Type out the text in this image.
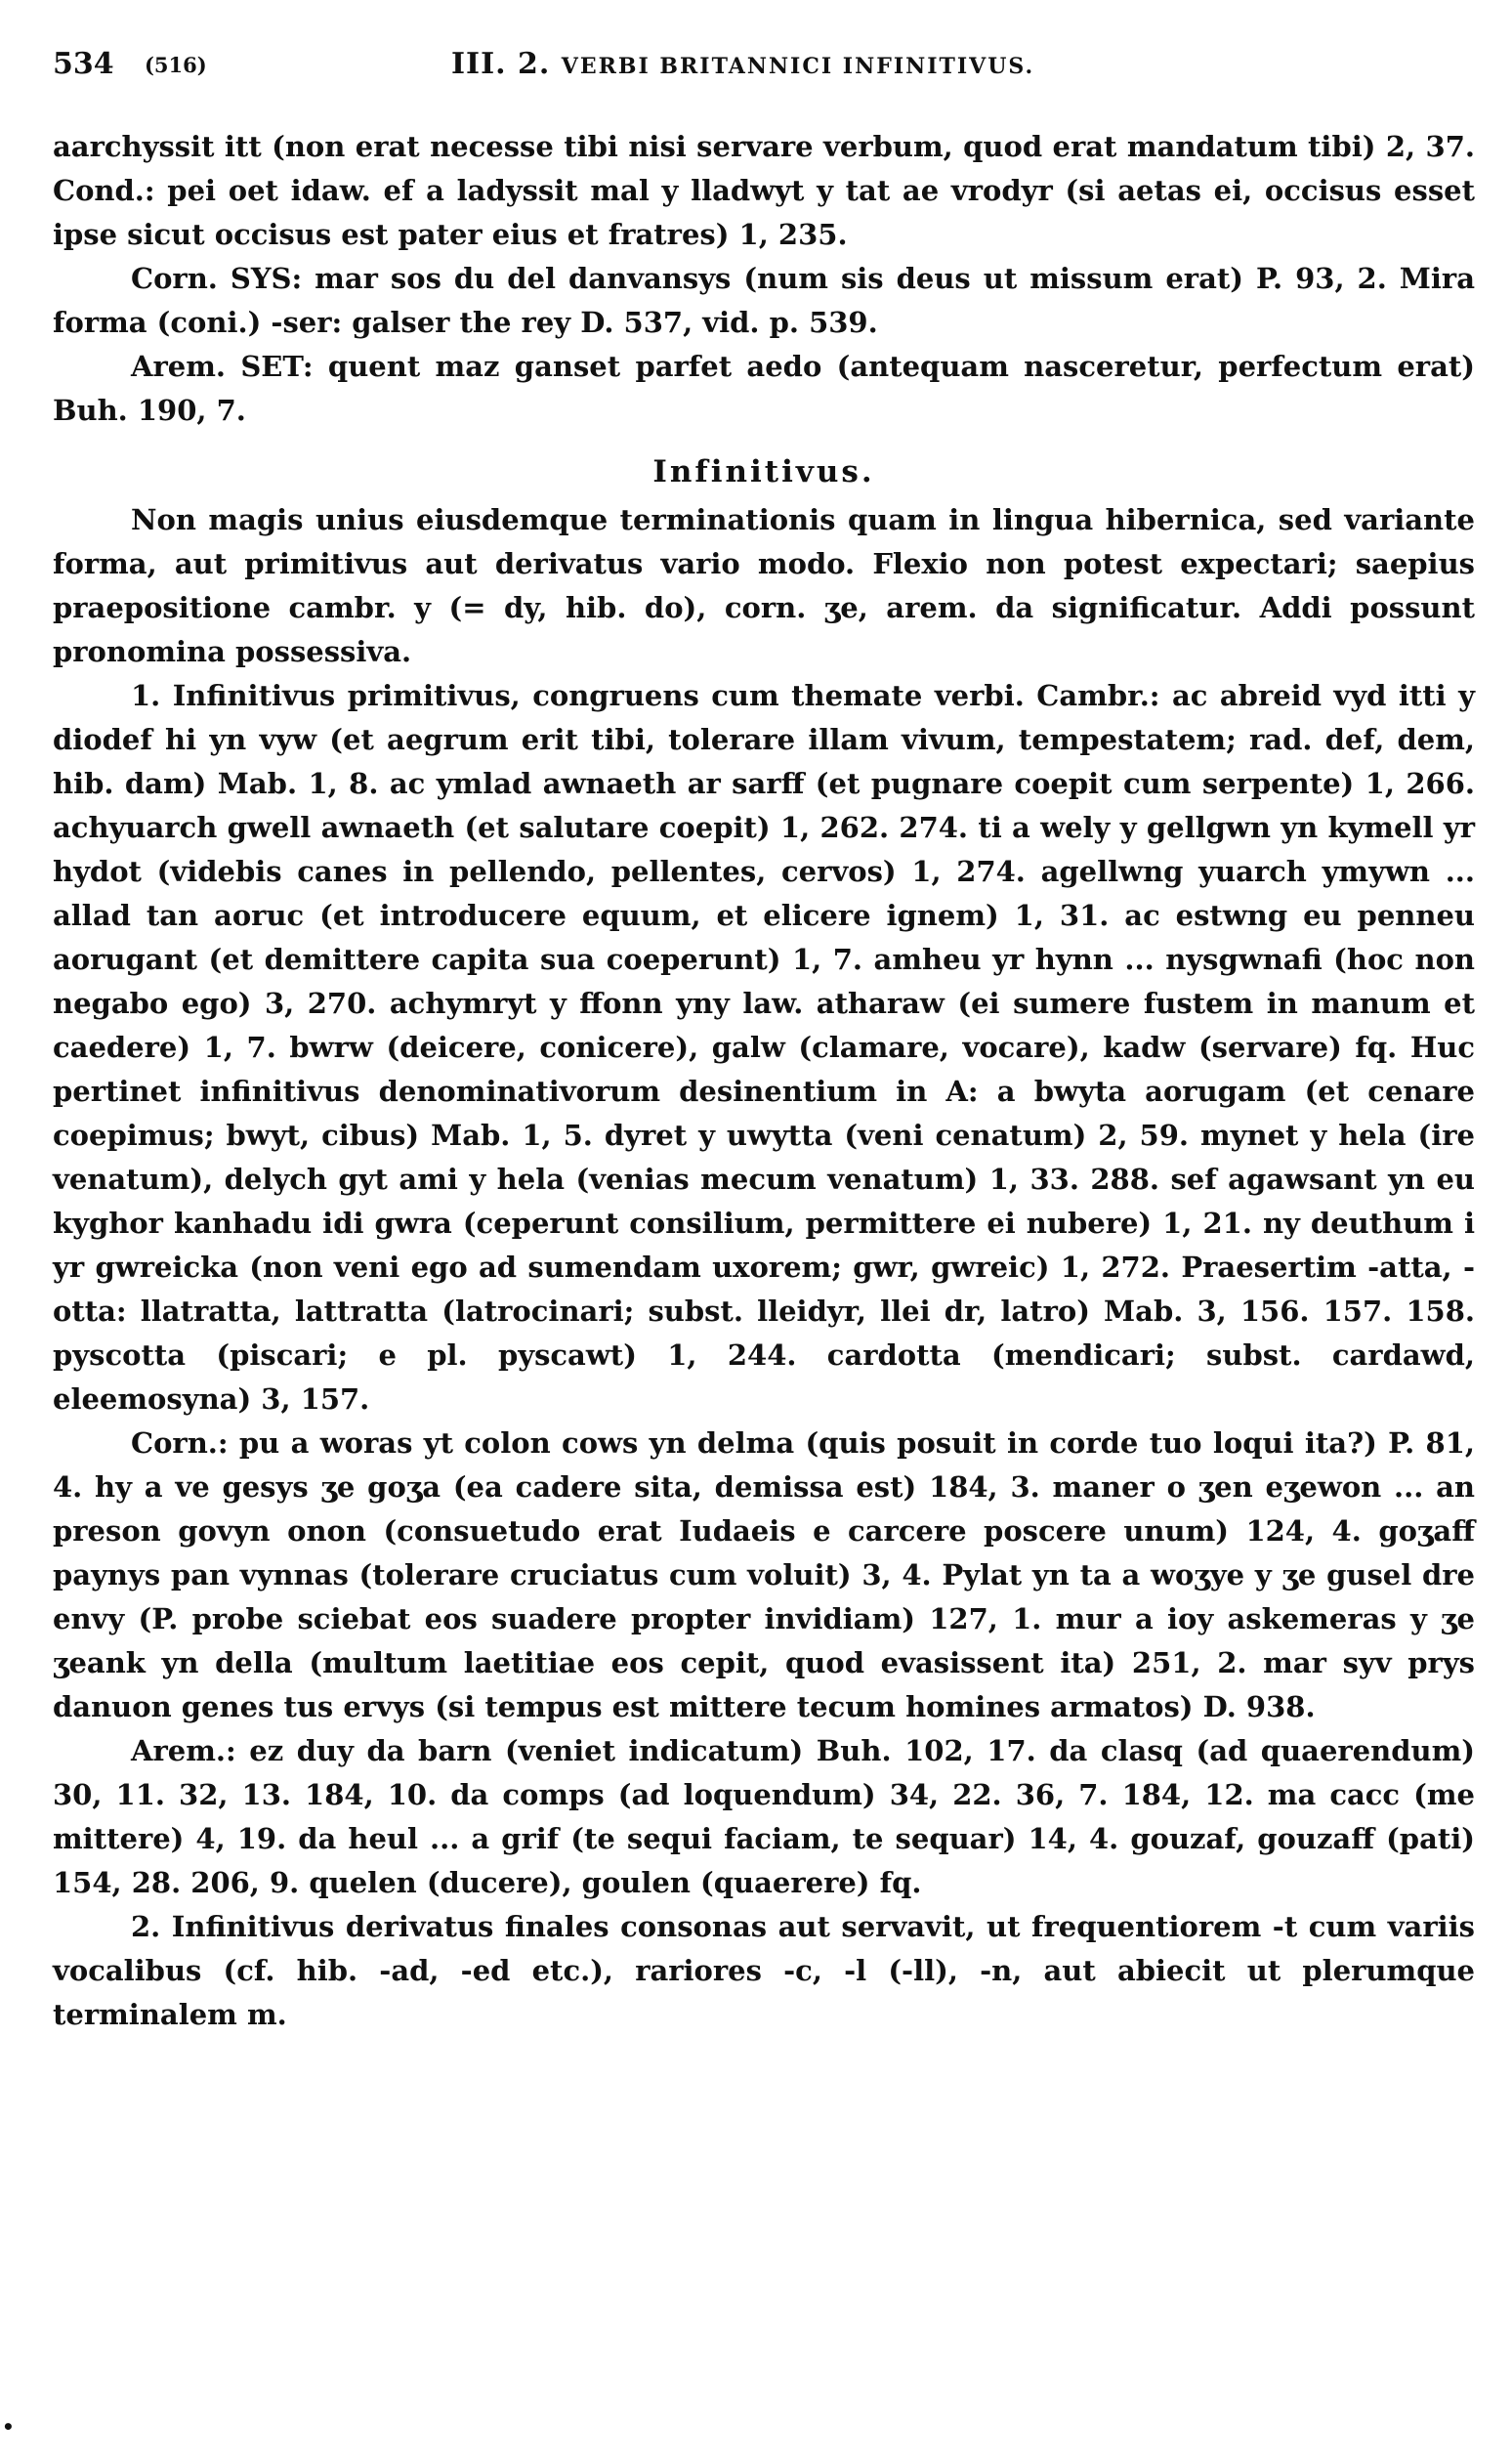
534 (516)	III. 2. VERBI BRITANNICI INFINITIVUS.

aarchyssit itt (non erat necesse tibi nisi servare verbum, quod erat mandatum tibi) 2, 37. Cond.: pei oet idaw. ef a ladyssit mal y lladwyt y tat ae vrodyr (si aetas ei, occisus esset ipse sicut occisus est pater eius et fratres) 1, 235.

Corn. SYS: mar sos du del danvansys (num sis deus ut missum erat) P. 93, 2. Mira forma (coni.) -ser: galser the rey D. 537, vid. p. 539.

Arem. SET: quent maz ganset parfet aedo (antequam nasceretur, perfectum erat) Buh. 190, 7.

Infinitivus.

Non magis unius eiusdemque terminationis quam in lingua hibernica, sed variante forma, aut primitivus aut derivatus vario modo. Flexio non potest expectari; saepius praepositione cambr. y (= dy, hib. do), corn. ʒe, arem. da significatur. Addi possunt pronomina possessiva.

1. Infinitivus primitivus, congruens cum themate verbi. Cambr.: ac abreid vyd itti y diodef hi yn vyw (et aegrum erit tibi, tolerare illam vivum, tempestatem; rad. def, dem, hib. dam) Mab. 1, 8. ac ymlad awnaeth ar sarff (et pugnare coepit cum serpente) 1, 266. achyuarch gwell awnaeth (et salutare coepit) 1, 262. 274. ti a wely y gellgwn yn kymell yr hydot (videbis canes in pellendo, pellentes, cervos) 1, 274. agellwng yuarch ymywn ... allad tan aoruc (et introducere equum, et elicere ignem) 1, 31. ac estwng eu penneu aorugant (et demittere capita sua coeperunt) 1, 7. amheu yr hynn ... nysgwnafi (hoc non negabo ego) 3, 270. achymryt y ffonn yny law. atharaw (ei sumere fustem in manum et caedere) 1, 7. bwrw (deicere, conicere), galw (clamare, vocare), kadw (servare) fq. Huc pertinet infinitivus denominativorum desinentium in A: a bwyta aorugam (et cenare coepimus; bwyt, cibus) Mab. 1, 5. dyret y uwytta (veni cenatum) 2, 59. mynet y hela (ire venatum), delych gyt ami y hela (venias mecum venatum) 1, 33. 288. sef agawsant yn eu kyghor kanhadu idi gwra (ceperunt consilium, permittere ei nubere) 1, 21. ny deuthum i yr gwreicka (non veni ego ad sumendam uxorem; gwr, gwreic) 1, 272. Praesertim -atta, -otta: llatratta, lattratta (latrocinari; subst. lleidyr, llei dr, latro) Mab. 3, 156. 157. 158. pyscotta (piscari; e pl. pyscawt) 1, 244. cardotta (mendicari; subst. cardawd, eleemosyna) 3, 157.

Corn.: pu a woras yt colon cows yn delma (quis posuit in corde tuo loqui ita?) P. 81, 4. hy a ve gesys ʒe goʒa (ea cadere sita, demissa est) 184, 3. maner o ʒen eʒewon ... an preson govyn onon (consuetudo erat Iudaeis e carcere poscere unum) 124, 4. goʒaff paynys pan vynnas (tolerare cruciatus cum voluit) 3, 4. Pylat yn ta a woʒye y ʒe gusel dre envy (P. probe sciebat eos suadere propter invidiam) 127, 1. mur a ioy askemeras y ʒe ʒeank yn della (multum laetitiae eos cepit, quod evasissent ita) 251, 2. mar syv prys danuon genes tus ervys (si tempus est mittere tecum homines armatos) D. 938.

Arem.: ez duy da barn (veniet indicatum) Buh. 102, 17. da clasq (ad quaerendum) 30, 11. 32, 13. 184, 10. da comps (ad loquendum) 34, 22. 36, 7. 184, 12. ma cacc (me mittere) 4, 19. da heul ... a grif (te sequi faciam, te sequar) 14, 4. gouzaf, gouzaff (pati) 154, 28. 206, 9. quelen (ducere), goulen (quaerere) fq.

2. Infinitivus derivatus finales consonas aut servavit, ut frequentiorem -t cum variis vocalibus (cf. hib. -ad, -ed etc.), rariores -c, -l (-ll), -n, aut abiecit ut plerumque terminalem m.

•
